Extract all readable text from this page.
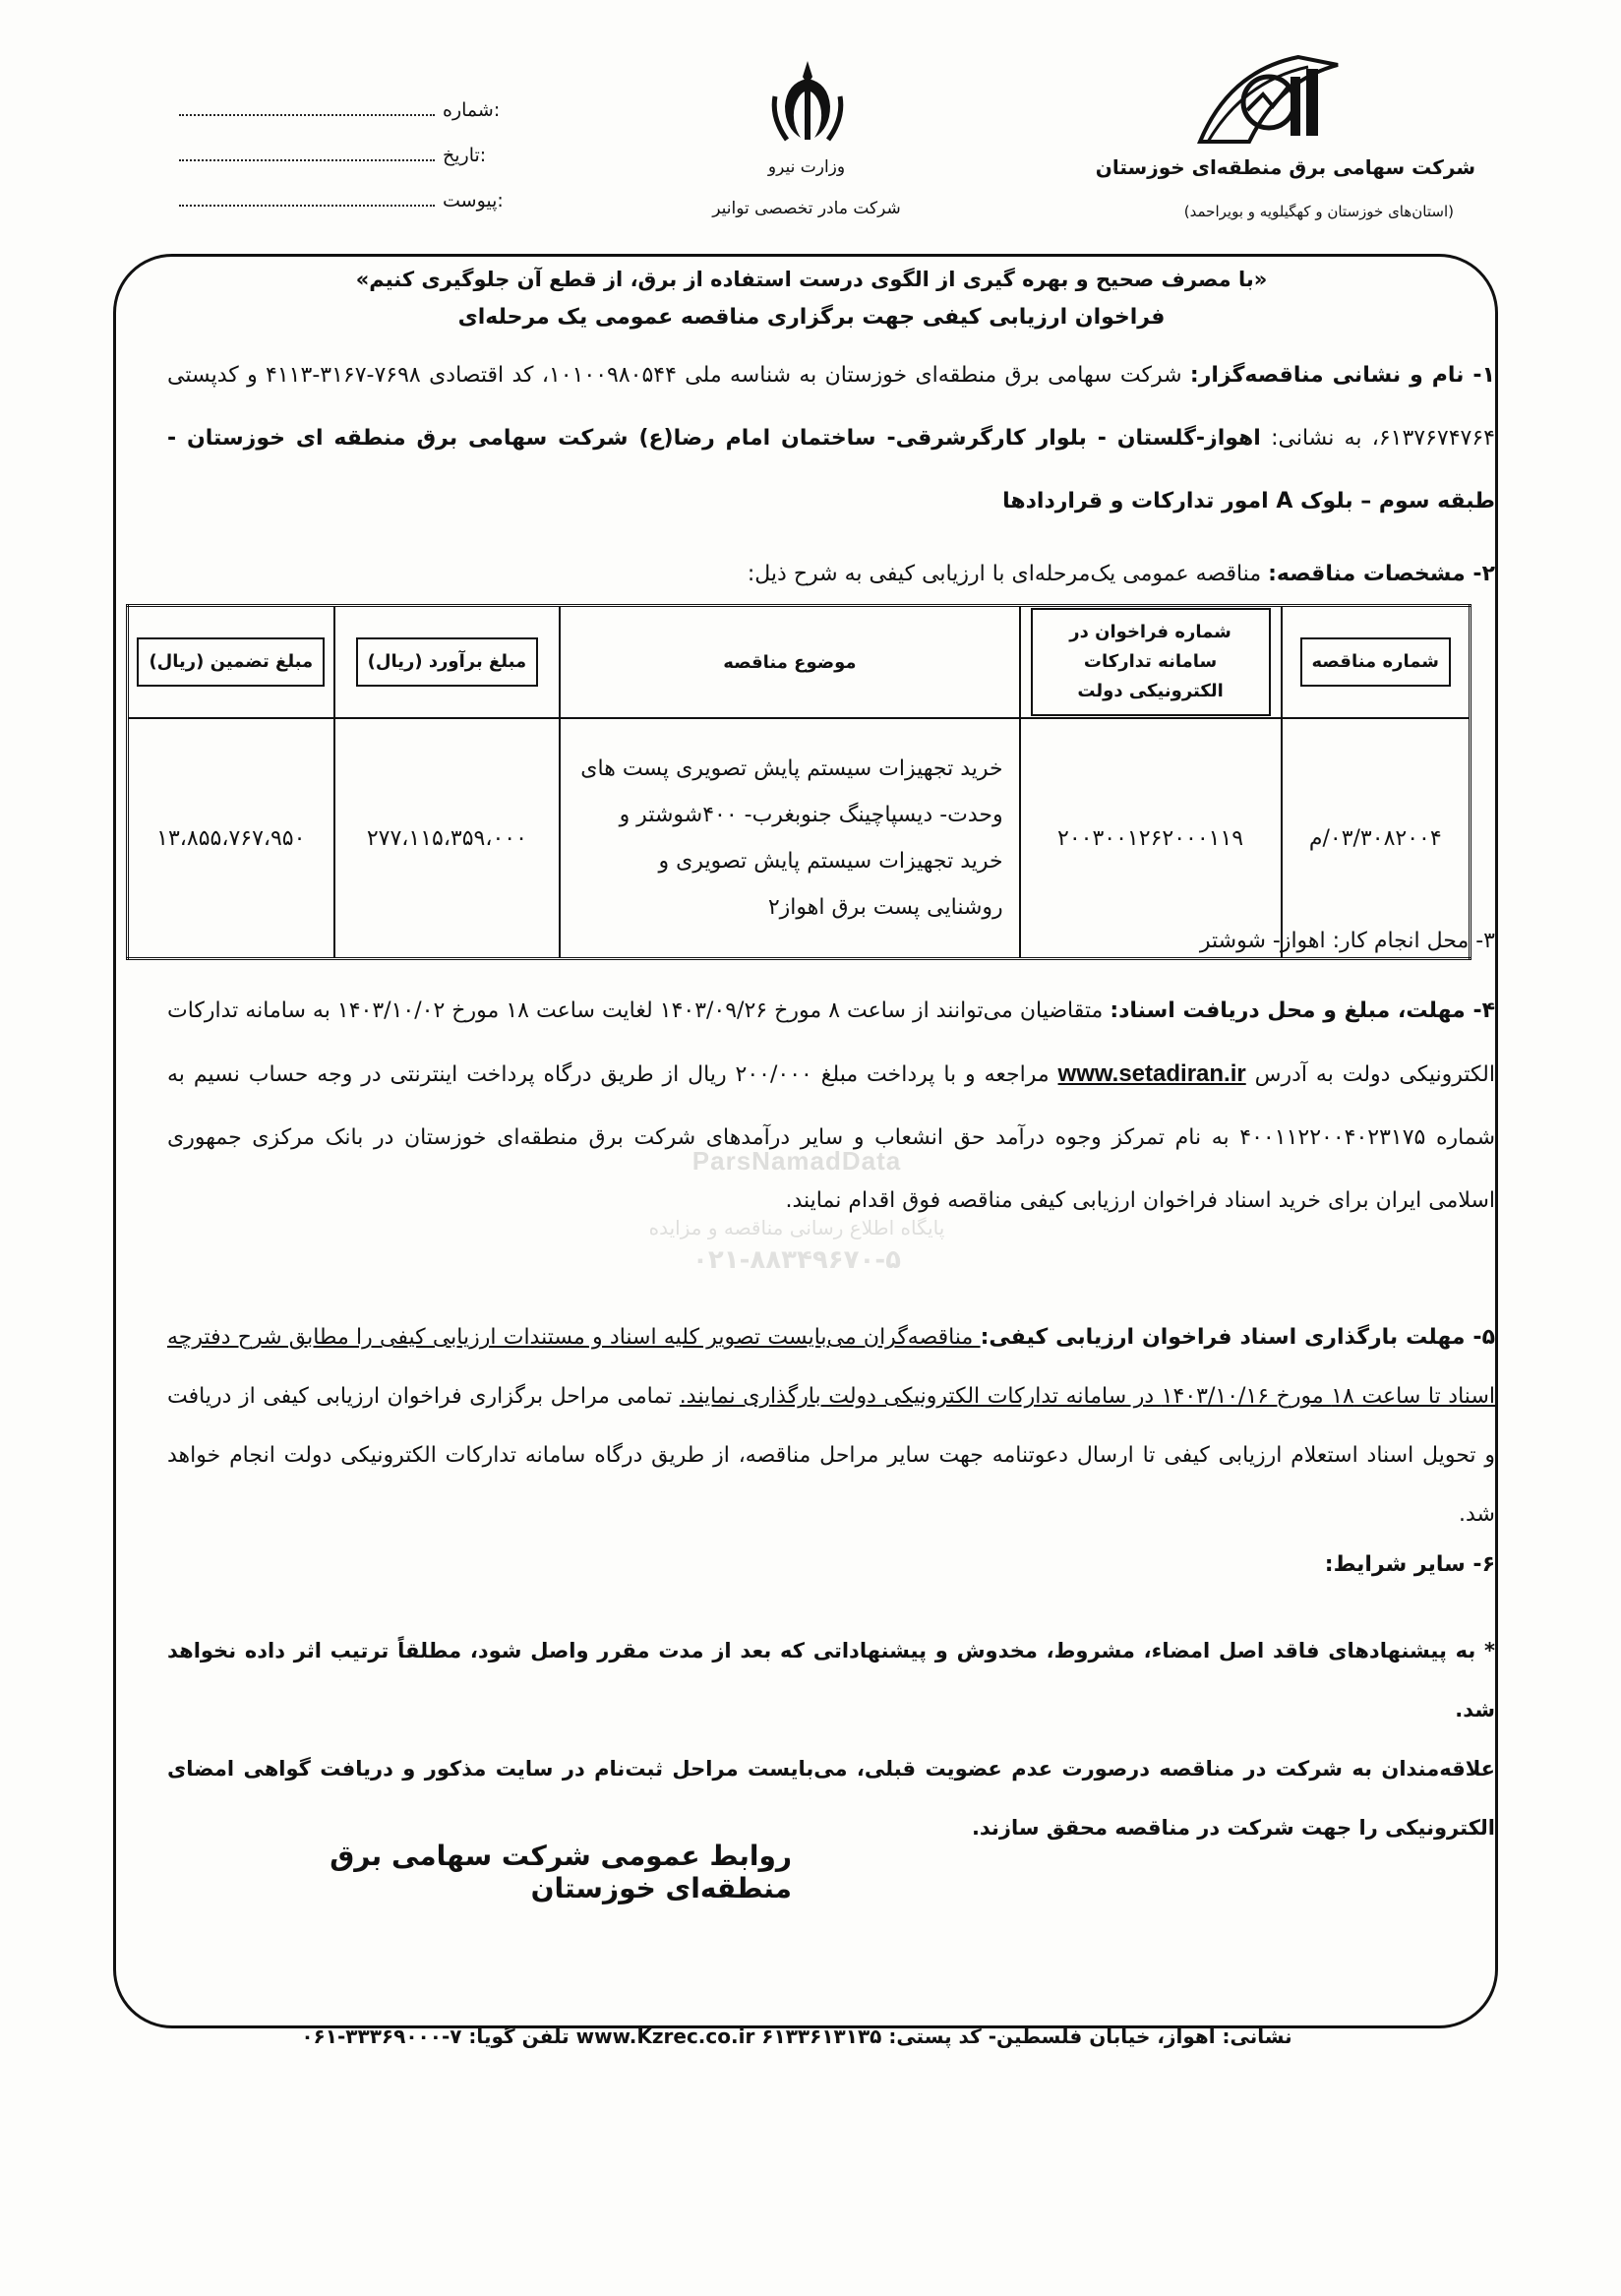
:شماره
:تاریخ
:پیوست
وزارت نیرو
شرکت مادر تخصصی توانیر
شرکت سهامی برق منطقه‌ای خوزستان
(استان‌های خوزستان و کهگیلویه و بویراحمد)
ParsNamadData
پایگاه اطلاع رسانی مناقصه و مزایده
۰۲۱-۸۸۳۴۹۶۷۰-۵
«با مصرف صحیح و بهره گیری از الگوی درست استفاده از برق، از قطع آن جلوگیری کنیم»
فراخوان ارزیابی کیفی جهت برگزاری مناقصه عمومی یک مرحله‌ای
۱- نام و نشانی مناقصه‌گزار: شرکت سهامی برق منطقه‌ای خوزستان به شناسه ملی ۱۰۱۰۰۹۸۰۵۴۴، کد اقتصادی ۷۶۹۸-۳۱۶۷-۴۱۱۳ و کدپستی ۶۱۳۷۶۷۴۷۶۴، به نشانی: اهواز-گلستان - بلوار کارگرشرقی- ساختمان امام رضا(ع) شرکت سهامی برق منطقه ای خوزستان - طبقه سوم – بلوک A امور تدارکات و قراردادها
۲- مشخصات مناقصه: مناقصه عمومی یک‌مرحله‌ای با ارزیابی کیفی به شرح ذیل:
شماره مناقصه	شماره فراخوان در سامانه تدارکات الکترونیکی دولت	موضوع مناقصه	مبلغ برآورد (ریال)	مبلغ تضمین (ریال)
۰۳/۳۰۸۲۰۰۴/م	۲۰۰۳۰۰۱۲۶۲۰۰۰۱۱۹	خرید تجهیزات سیستم پایش تصویری پست های وحدت- دیسپاچینگ جنوبغرب- ۴۰۰شوشتر و خرید تجهیزات سیستم پایش تصویری و روشنایی پست برق اهواز۲	۲۷۷،۱۱۵،۳۵۹،۰۰۰	۱۳،۸۵۵،۷۶۷،۹۵۰
۳- محل انجام کار: اهواز- شوشتر
۴- مهلت، مبلغ و محل دریافت اسناد: متقاضیان می‌توانند از ساعت ۸ مورخ ۱۴۰۳/۰۹/۲۶ لغایت ساعت ۱۸ مورخ ۱۴۰۳/۱۰/۰۲ به سامانه تدارکات الکترونیکی دولت به آدرس www.setadiran.ir مراجعه و با پرداخت مبلغ ۲۰۰/۰۰۰ ریال از طریق درگاه پرداخت اینترنتی در وجه حساب نسیم به شماره ۴۰۰۱۱۲۲۰۰۴۰۲۳۱۷۵ به نام تمرکز وجوه درآمد حق انشعاب و سایر درآمدهای شرکت برق منطقه‌ای خوزستان در بانک مرکزی جمهوری اسلامی ایران برای خرید اسناد فراخوان ارزیابی کیفی مناقصه فوق اقدام نمایند.
۵- مهلت بارگذاری اسناد فراخوان ارزیابی کیفی: مناقصه‌گران می‌بایست تصویر کلیه اسناد و مستندات ارزیابی کیفی را مطابق شرح دفترچه اسناد تا ساعت ۱۸ مورخ ۱۴۰۳/۱۰/۱۶ در سامانه تدارکات الکترونیکی دولت بارگذاری نمایند. تمامی مراحل برگزاری فراخوان ارزیابی کیفی از دریافت و تحویل اسناد استعلام ارزیابی کیفی تا ارسال دعوتنامه جهت سایر مراحل مناقصه، از طریق درگاه سامانه تدارکات الکترونیکی دولت انجام خواهد شد.
۶- سایر شرایط:
* به پیشنهادهای فاقد اصل امضاء، مشروط، مخدوش و پیشنهاداتی که بعد از مدت مقرر واصل شود، مطلقاً ترتیب اثر داده نخواهد شد.
علاقه‌مندان به شرکت در مناقصه درصورت عدم عضویت قبلی، می‌بایست مراحل ثبت‌نام در سایت مذکور و دریافت گواهی امضای الکترونیکی را جهت شرکت در مناقصه محقق سازند.
روابط عمومی شرکت سهامی برق منطقه‌ای خوزستان
نشانی: اهواز، خیابان فلسطین- کد پستی: ۶۱۳۳۶۱۳۱۳۵ www.Kzrec.co.ir تلفن گویا: ۷-۳۳۳۶۹۰۰۰-۰۶۱
